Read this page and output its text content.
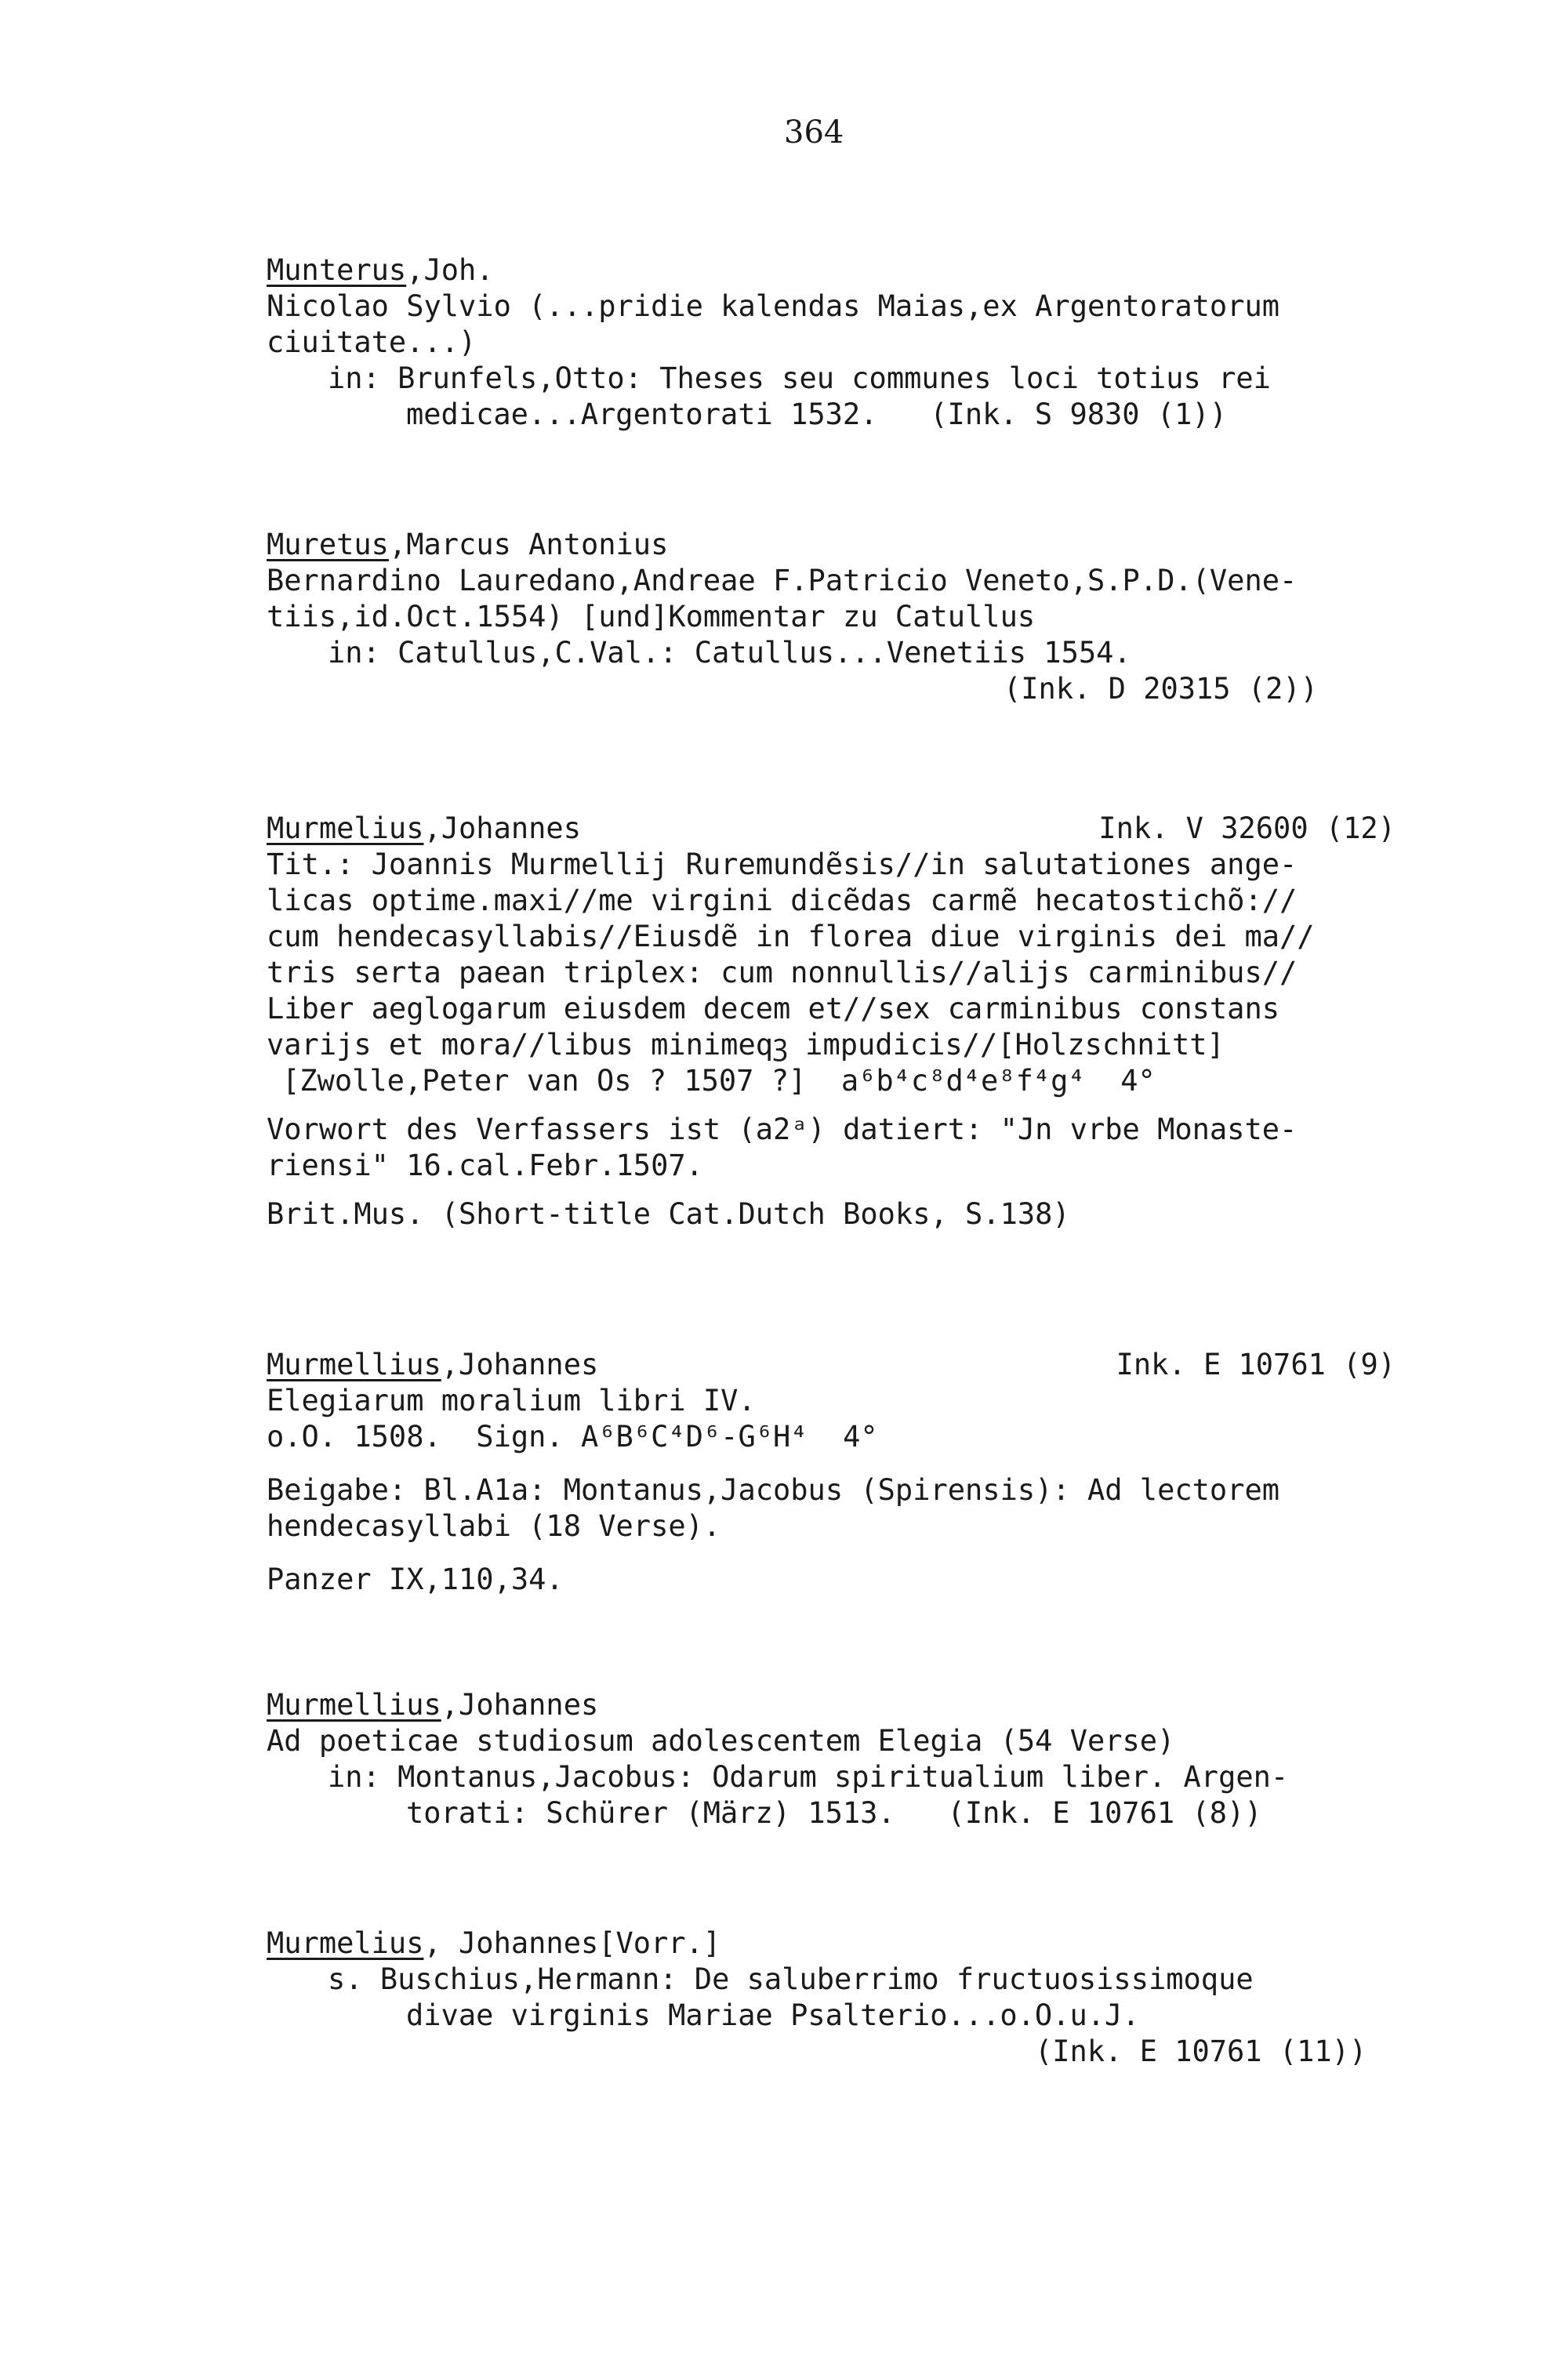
364
Munterus,Joh.
Nicolao Sylvio (...pridie kalendas Maias,ex Argentoratorum
ciuitate...)
in: Brunfels,Otto: Theses seu communes loci totius rei
medicae...Argentorati 1532.   (Ink. S 9830 (1))
Muretus,Marcus Antonius
Bernardino Lauredano,Andreae F.Patricio Veneto,S.P.D.(Vene-
tiis,id.Oct.1554) [und]Kommentar zu Catullus
in: Catullus,C.Val.: Catullus...Venetiis 1554.
(Ink. D 20315 (2))
Murmelius,Johannes	Ink. V 32600 (12)
Tit.: Joannis Murmellij Ruremundẽsis//in salutationes ange-
licas optime.maxi//me virgini dicẽdas carmẽ hecatostichõ://
cum hendecasyllabis//Eiusdẽ in florea diue virginis dei ma//
tris serta paean triplex: cum nonnullis//alijs carminibus//
Liber aeglogarum eiusdem decem et//sex carminibus constans
varijs et mora//libus minimeqꝫ impudicis//[Holzschnitt]
[Zwolle,Peter van Os ? 1507 ?]  a⁶b⁴c⁸d⁴e⁸f⁴g⁴  4°
Vorwort des Verfassers ist (a2ᵃ) datiert: "Jn vrbe Monaste-
riensi" 16.cal.Febr.1507.
Brit.Mus. (Short-title Cat.Dutch Books, S.138)
Murmellius,Johannes	Ink. E 10761 (9)
Elegiarum moralium libri IV.
o.O. 1508.  Sign. A⁶B⁶C⁴D⁶-G⁶H⁴  4°
Beigabe: Bl.A1a: Montanus,Jacobus (Spirensis): Ad lectorem
hendecasyllabi (18 Verse).
Panzer IX,110,34.
Murmellius,Johannes
Ad poeticae studiosum adolescentem Elegia (54 Verse)
in: Montanus,Jacobus: Odarum spiritualium liber. Argen-
torati: Schürer (März) 1513.   (Ink. E 10761 (8))
Murmelius, Johannes[Vorr.]
s. Buschius,Hermann: De saluberrimo fructuosissimoque
divae virginis Mariae Psalterio...o.O.u.J.
(Ink. E 10761 (11))
